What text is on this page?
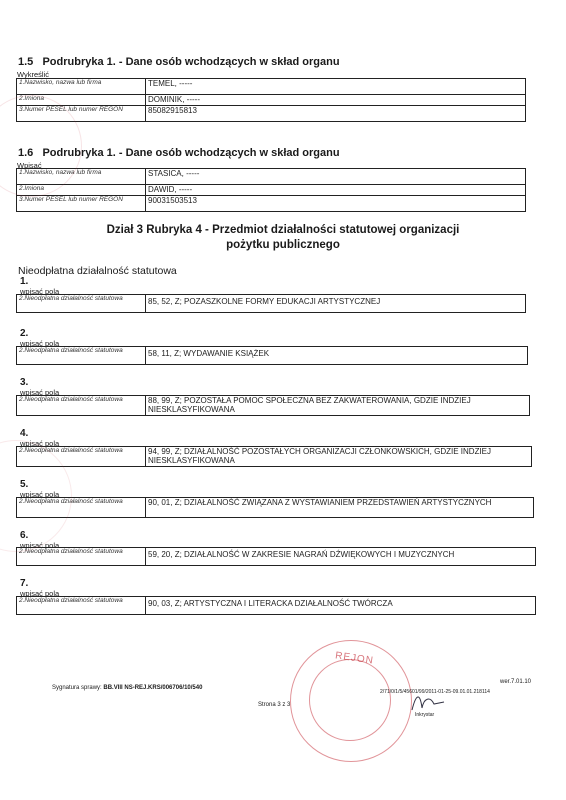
1.5 Podrubryka 1. - Dane osób wchodzących w skład organu
Wykreślić
1.Nazwisko, nazwa lub firma	TEMEL, -----
2.Imiona	DOMINIK, -----
3.Numer PESEL lub numer REGON	85082915813
1.6 Podrubryka 1. - Dane osób wchodzących w skład organu
Wpisać
1.Nazwisko, nazwa lub firma	STASICA, -----
2.Imiona	DAWID, -----
3.Numer PESEL lub numer REGON	90031503513
Dział 3 Rubryka 4 - Przedmiot działalności statutowej organizacji
pożytku publicznego
Nieodpłatna działalność statutowa
1.
wpisać pola
2.Nieodpłatna działalność statutowa	85, 52, Z; POZASZKOLNE FORMY EDUKACJI ARTYSTYCZNEJ
2.
wpisać pola
2.Nieodpłatna działalność statutowa	58, 11, Z; WYDAWANIE KSIĄŻEK
3.
wpisać pola
2.Nieodpłatna działalność statutowa	88, 99, Z; POZOSTAŁA POMOC SPOŁECZNA BEZ ZAKWATEROWANIA, GDZIE INDZIEJ NIESKLASYFIKOWANA
4.
wpisać pola
2.Nieodpłatna działalność statutowa	94, 99, Z; DZIAŁALNOŚĆ POZOSTAŁYCH ORGANIZACJI CZŁONKOWSKICH, GDZIE INDZIEJ NIESKLASYFIKOWANA
5.
wpisać pola
2.Nieodpłatna działalność statutowa	90, 01, Z; DZIAŁALNOŚĆ ZWIĄZANA Z WYSTAWIANIEM PRZEDSTAWIEŃ ARTYSTYCZNYCH
6.
wpisać pola
2.Nieodpłatna działalność statutowa	59, 20, Z; DZIAŁALNOŚĆ W ZAKRESIE NAGRAŃ DŹWIĘKOWYCH I MUZYCZNYCH
7.
wpisać pola
2.Nieodpłatna działalność statutowa	90, 03, Z; ARTYSTYCZNA I LITERACKA DZIAŁALNOŚĆ TWÓRCZA
REJON
Sygnatura sprawy: BB.VIII NS-REJ.KRS/006706/10/540
wer.7.01.10
2/71/0/1/5/45601/99/2011-01-25-09.01.01.218114
Strona 3 z 3
Inkrystar
